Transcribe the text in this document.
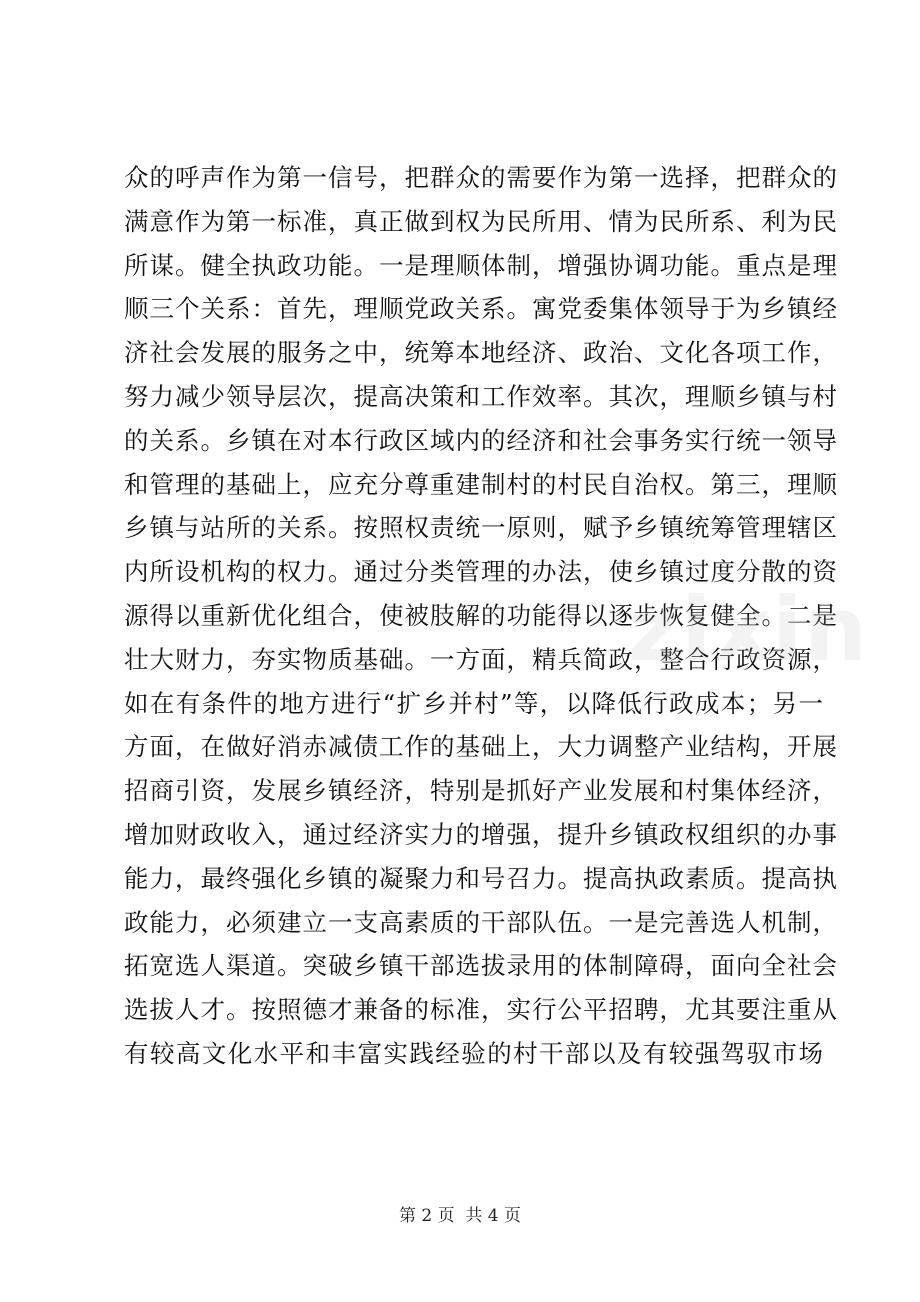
众的呼声作为第一信号，把群众的需要作为第一选择，把群众的
满意作为第一标准，真正做到权为民所用、情为民所系、利为民
所谋。健全执政功能。一是理顺体制，增强协调功能。重点是理
顺三个关系：首先，理顺党政关系。寓党委集体领导于为乡镇经
济社会发展的服务之中，统筹本地经济、政治、文化各项工作，
努力减少领导层次，提高决策和工作效率。其次，理顺乡镇与村
的关系。乡镇在对本行政区域内的经济和社会事务实行统一领导
和管理的基础上，应充分尊重建制村的村民自治权。第三，理顺
乡镇与站所的关系。按照权责统一原则，赋予乡镇统筹管理辖区
内所设机构的权力。通过分类管理的办法，使乡镇过度分散的资
源得以重新优化组合，使被肢解的功能得以逐步恢复健全。二是
壮大财力，夯实物质基础。一方面，精兵简政，整合行政资源，
如在有条件的地方进行“扩乡并村”等，以降低行政成本；另一
方面，在做好消赤减债工作的基础上，大力调整产业结构，开展
招商引资，发展乡镇经济，特别是抓好产业发展和村集体经济，
增加财政收入，通过经济实力的增强，提升乡镇政权组织的办事
能力，最终强化乡镇的凝聚力和号召力。提高执政素质。提高执
政能力，必须建立一支高素质的干部队伍。一是完善选人机制，
拓宽选人渠道。突破乡镇干部选拔录用的体制障碍，面向全社会
选拔人才。按照德才兼备的标准，实行公平招聘，尤其要注重从
有较高文化水平和丰富实践经验的村干部以及有较强驾驭市场
zixin
第 2 页  共 4 页
